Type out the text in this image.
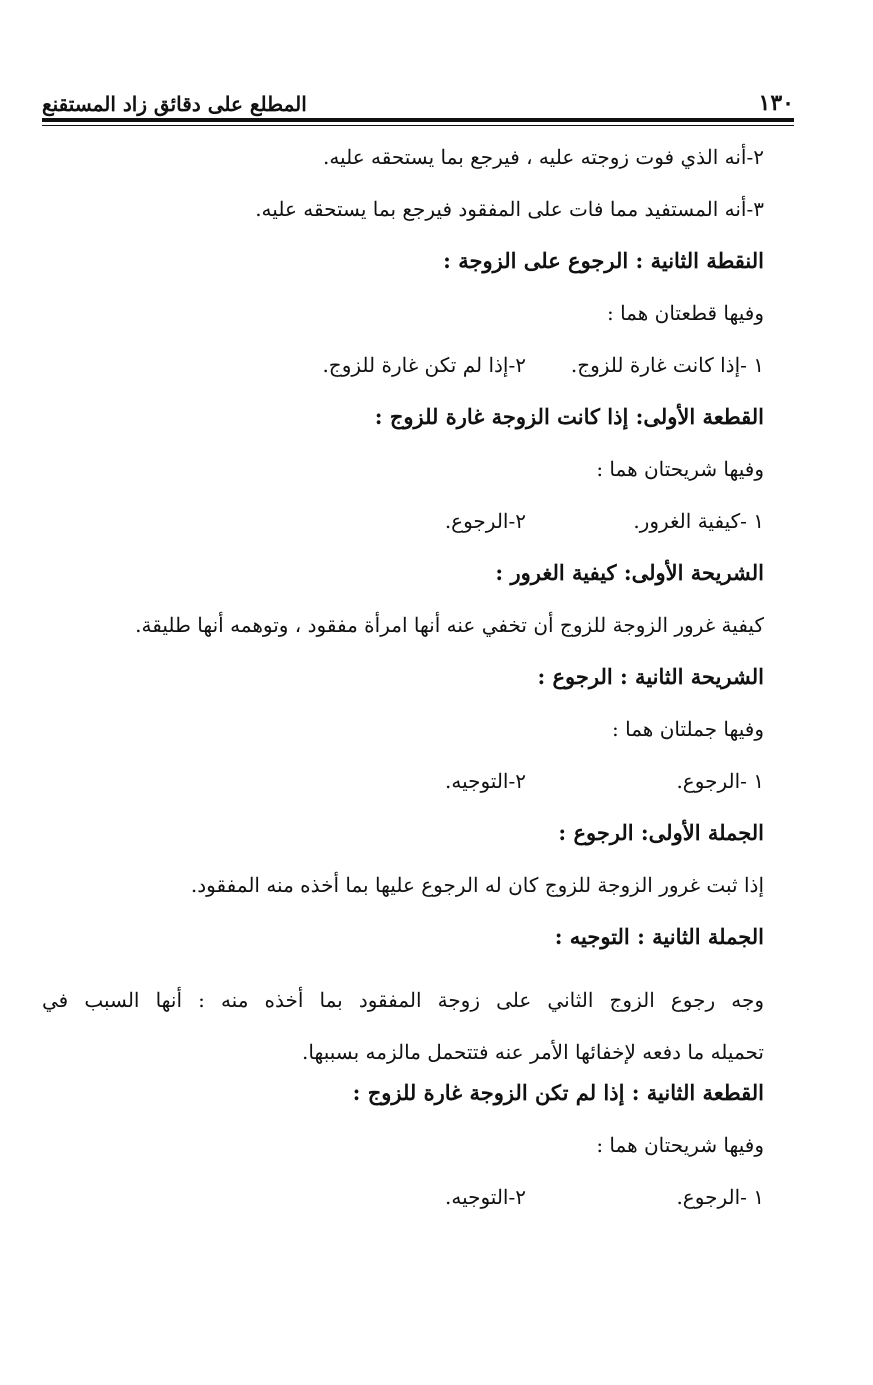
١٣٠
المطلع على دقائق زاد المستقنع
٢-أنه الذي فوت زوجته عليه ، فيرجع بما يستحقه عليه.
٣-أنه المستفيد مما فات على المفقود فيرجع بما يستحقه عليه.
النقطة الثانية : الرجوع على الزوجة :
وفيها قطعتان هما :
١ -إذا كانت غارة للزوج.
٢-إذا لم تكن غارة للزوج.
القطعة الأولى: إذا كانت الزوجة غارة للزوج :
وفيها شريحتان هما :
١ -كيفية الغرور.
٢-الرجوع.
الشريحة الأولى: كيفية الغرور :
كيفية غرور الزوجة للزوج أن تخفي عنه أنها امرأة مفقود ، وتوهمه أنها طليقة.
الشريحة الثانية : الرجوع :
وفيها جملتان هما :
١ -الرجوع.
٢-التوجيه.
الجملة الأولى: الرجوع :
إذا ثبت غرور الزوجة للزوج كان له الرجوع عليها بما أخذه منه المفقود.
الجملة الثانية : التوجيه :

وجه رجوع الزوج الثاني على زوجة المفقود بما أخذه منه : أنها السبب في

تحميله ما دفعه لإخفائها الأمر عنه فتتحمل مالزمه بسببها.

القطعة الثانية : إذا لم تكن الزوجة غارة للزوج :
وفيها شريحتان هما :
١ -الرجوع.
٢-التوجيه.
